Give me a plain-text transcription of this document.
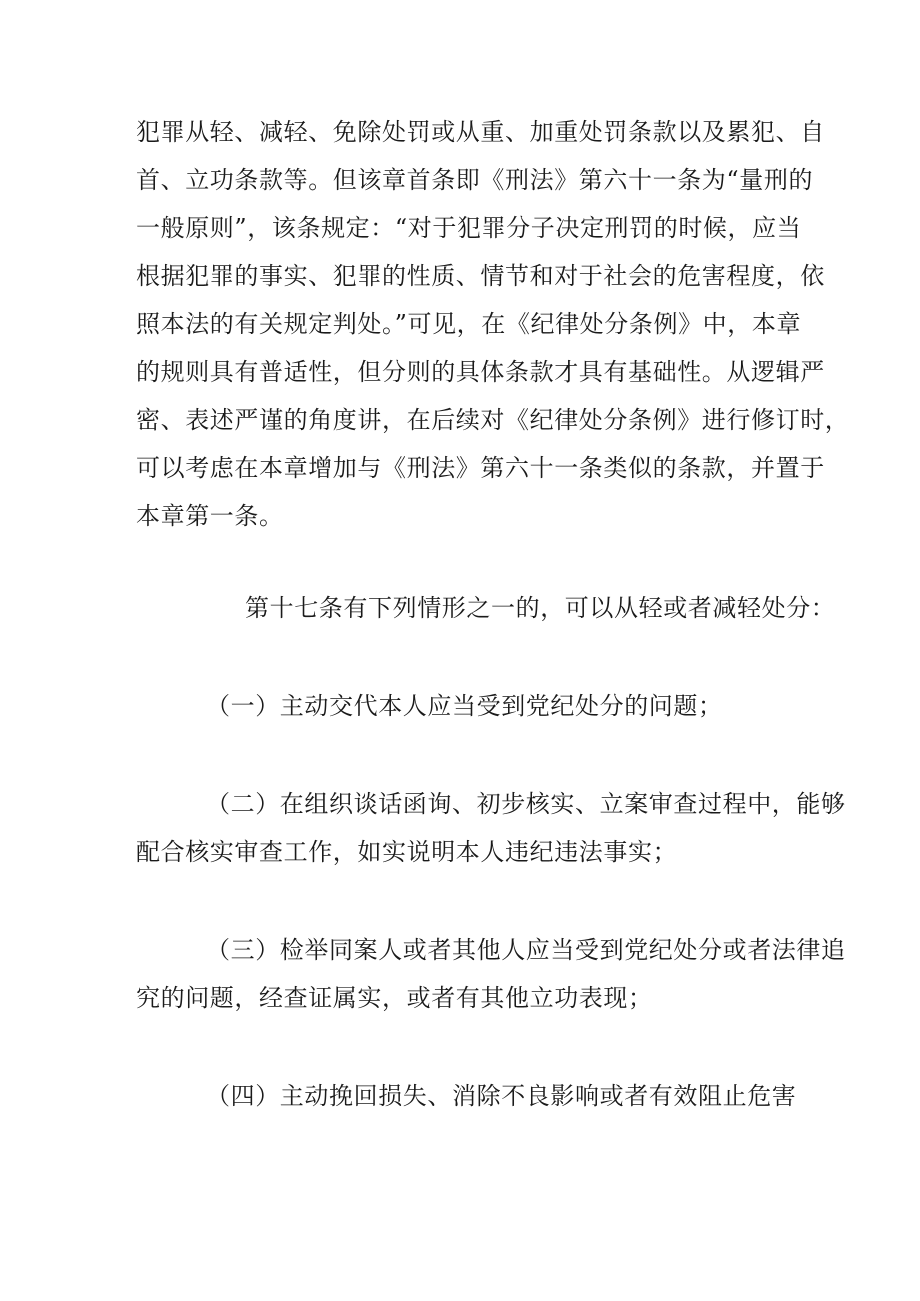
犯罪从轻、减轻、免除处罚或从重、加重处罚条款以及累犯、自
首、立功条款等。但该章首条即《刑法》第六十一条为“量刑的
一般原则”，该条规定：“对于犯罪分子决定刑罚的时候，应当
根据犯罪的事实、犯罪的性质、情节和对于社会的危害程度，依
照本法的有关规定判处。”可见，在《纪律处分条例》中，本章
的规则具有普适性，但分则的具体条款才具有基础性。从逻辑严
密、表述严谨的角度讲，在后续对《纪律处分条例》进行修订时，
可以考虑在本章增加与《刑法》第六十一条类似的条款，并置于
本章第一条。
第十七条有下列情形之一的，可以从轻或者减轻处分：
（一）主动交代本人应当受到党纪处分的问题；
（二）在组织谈话函询、初步核实、立案审查过程中，能够
配合核实审查工作，如实说明本人违纪违法事实；
（三）检举同案人或者其他人应当受到党纪处分或者法律追
究的问题，经查证属实，或者有其他立功表现；
（四）主动挽回损失、消除不良影响或者有效阻止危害
